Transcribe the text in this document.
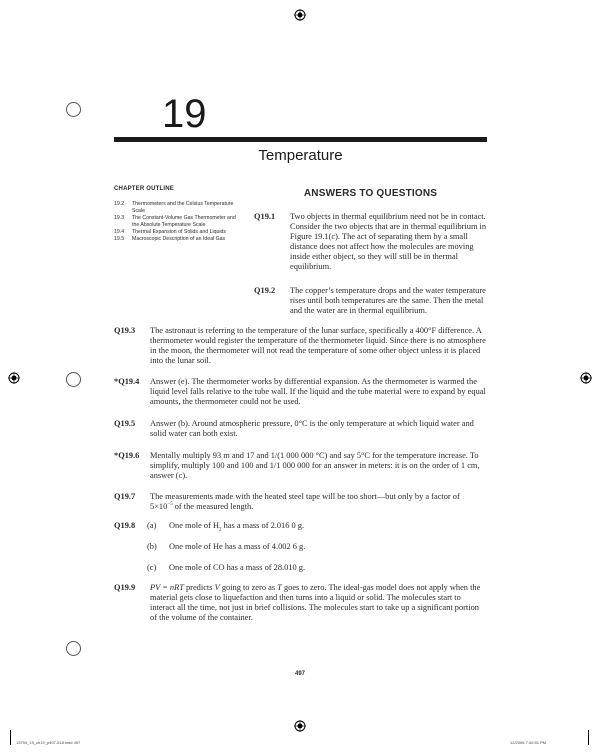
19
Temperature
CHAPTER OUTLINE
19.2	Thermometers and the Celsius Temperature Scale
19.3	The Constant-Volume Gas Thermometer and the Absolute Temperature Scale
19.4	Thermal Expansion of Solids and Liquids
19.5	Macroscopic Description of an Ideal Gas
ANSWERS TO QUESTIONS
Q19.1 Two objects in thermal equilibrium need not be in contact. Consider the two objects that are in thermal equilibrium in Figure 19.1(c). The act of separating them by a small distance does not affect how the molecules are moving inside either object, so they will still be in thermal equilibrium.
Q19.2 The copper’s temperature drops and the water temperature rises until both temperatures are the same. Then the metal and the water are in thermal equilibrium.
Q19.3 The astronaut is referring to the temperature of the lunar surface, specifically a 400°F difference. A thermometer would register the temperature of the thermometer liquid. Since there is no atmosphere in the moon, the thermometer will not read the temperature of some other object unless it is placed into the lunar soil.
*Q19.4 Answer (e). The thermometer works by differential expansion. As the thermometer is warmed the liquid level falls relative to the tube wall. If the liquid and the tube material were to expand by equal amounts, the thermometer could not be used.
Q19.5 Answer (b). Around atmospheric pressure, 0°C is the only temperature at which liquid water and solid water can both exist.
*Q19.6 Mentally multiply 93 m and 17 and 1/(1 000 000 °C) and say 5°C for the temperature increase. To simplify, multiply 100 and 100 and 1/1 000 000 for an answer in meters: it is on the order of 1 cm, answer (c).
Q19.7 The measurements made with the heated steel tape will be too short—but only by a factor of
$5\times 10^{-5}$ of the measured length.
Q19.8 (a) One mole of $H_2$ has a mass of 2.016 0 g.
(b) One mole of He has a mass of 4.002 6 g.
(c) One mole of CO has a mass of 28.010 g.
Q19.9 PV = nRT predicts V going to zero as T goes to zero. The ideal-gas model does not apply when the material gets close to liquefaction and then turns into a liquid or solid. The molecules start to interact all the time, not just in brief collisions. The molecules start to take up a significant portion of the volume of the container.
497
13794_19_ch19_p497-518.indd 497	12/2006 7:30:51 PM
